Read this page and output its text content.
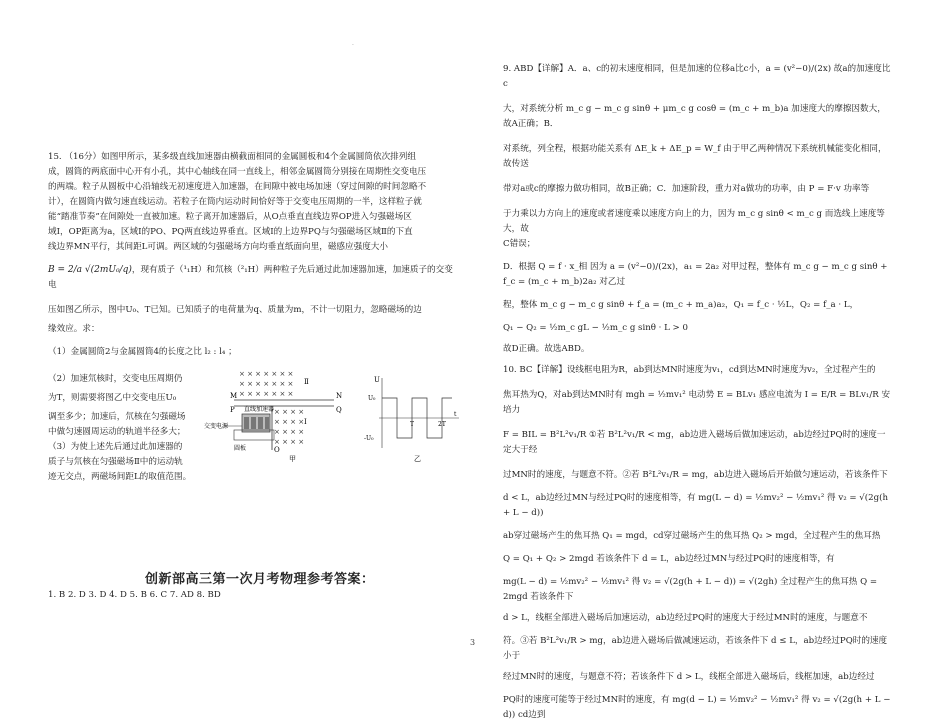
·

15. （16分）如图甲所示，某多级直线加速器由横截面相同的金属圆板和4个金属圆筒依次排列组

成，圆筒的两底面中心开有小孔，其中心轴线在同一直线上，相邻金属圆筒分别接在周期性交变电压

的两端。粒子从圆板中心沿轴线无初速度进入加速器，在间隙中被电场加速（穿过间隙的时间忽略不

计），在圆筒内做匀速直线运动。若粒子在筒内运动时间恰好等于交变电压周期的一半，这样粒子就

能“踏准节奏”在间隙处一直被加速。粒子离开加速器后，从O点垂直直线边界OP进入匀强磁场区

域Ⅰ，OP距离为a，区域Ⅰ的PO、PQ两直线边界垂直。区域Ⅰ的上边界PQ与匀强磁场区域Ⅱ的下直

线边界MN平行，其间距L可调。两区域的匀强磁场方向均垂直纸面向里，磁感应强度大小

B = 2/a √(2mU₀/q)，现有质子（¹₁H）和氘核（²₁H）两种粒子先后通过此加速器加速，加速质子的交变电

压如图乙所示，图中U₀、T已知。已知质子的电荷量为q、质量为m，不计一切阻力，忽略磁场的边

缘效应。求：

（1）金属圆筒2与金属圆筒4的长度之比 l₂ : l₄ ；

（2）加速氘核时，交变电压周期仍

为T，则需要将图乙中交变电压U₀

调至多少；加速后，氘核在匀强磁场

中做匀速圆周运动的轨道半径多大；

（3）为使上述先后通过此加速器的

质子与氘核在匀强磁场Ⅱ中的运动轨

迹无交点，两磁场间距L的取值范围。

× × × × × × ×
× × × × × × ×
× × × × × × ×
× × × ×
× × × ×
× × × ×
× × × ×
交变电源
圆板
直线加速器
M	N
P	Q
O
Ⅱ
Ⅰ
甲
U
U₀
-U₀
T	2T
t
乙
创新部高三第一次月考物理参考答案：
1. B 2. D 3. D 4. D 5. B 6. C 7. AD 8. BD

9. ABD【详解】A．a、c的初末速度相同，但是加速的位移a比c小，a = (v²−0)/(2x) 故a的加速度比c

大，对系统分析 m_c g − m_c g sinθ + μm_c g cosθ = (m_c + m_b)a 加速度大的摩擦因数大，故A正确；B．

对系统，列全程，根据功能关系有 ΔE_k + ΔE_p = W_f 由于甲乙两种情况下系统机械能变化相同，故传送

带对a或c的摩擦力做功相同，故B正确；C．加速阶段，重力对a做功的功率，由 P = F·v 功率等

于力乘以力方向上的速度或者速度乘以速度方向上的力，因为 m_c g sinθ < m_c g 而选线上速度等大，故

C错误；

D．根据 Q = f · x_相 因为 a = (v²−0)/(2x)，a₁ = 2a₂ 对甲过程，整体有 m_c g − m_c g sinθ + f_c = (m_c + m_b)2a₂ 对乙过

程，整体 m_c g − m_c g sinθ + f_a = (m_c + m_a)a₂，Q₁ = f_c · ½L，Q₂ = f_a · L，

Q₁ − Q₂ = ½m_c gL − ½m_c g sinθ · L > 0

故D正确。故选ABD。

10. BC【详解】设线框电阻为R，ab到达MN时速度为v₁，cd到达MN时速度为v₂，全过程产生的

焦耳热为Q，对ab到达MN时有 mgh = ½mv₁² 电动势 E = BLv₁ 感应电流为 I = E/R = BLv₁/R 安培力

F = BIL = B²L²v₁/R ①若 B²L²v₁/R < mg，ab边进入磁场后做加速运动，ab边经过PQ时的速度一定大于经

过MN时的速度，与题意不符。②若 B²L²v₁/R = mg，ab边进入磁场后开始做匀速运动，若该条件下

d < L，ab边经过MN与经过PQ时的速度相等，有 mg(L − d) = ½mv₂² − ½mv₁² 得 v₂ = √(2g(h + L − d))

ab穿过磁场产生的焦耳热 Q₁ = mgd，cd穿过磁场产生的焦耳热 Q₂ > mgd，全过程产生的焦耳热

Q = Q₁ + Q₂ > 2mgd 若该条件下 d = L，ab边经过MN与经过PQ时的速度相等，有

mg(L − d) = ½mv₂² − ½mv₁² 得 v₂ = √(2g(h + L − d)) = √(2gh) 全过程产生的焦耳热 Q = 2mgd 若该条件下

d > L，线框全部进入磁场后加速运动，ab边经过PQ时的速度大于经过MN时的速度，与题意不

符。③若 B²L²v₁/R > mg，ab边进入磁场后做减速运动，若该条件下 d ≤ L，ab边经过PQ时的速度小于

经过MN时的速度，与题意不符；若该条件下 d > L，线框全部进入磁场后，线框加速，ab边经过

PQ时的速度可能等于经过MN时的速度，有 mg(d − L) = ½mv₂² − ½mv₁² 得 v₂ = √(2g(h + L − d)) cd边到

3
